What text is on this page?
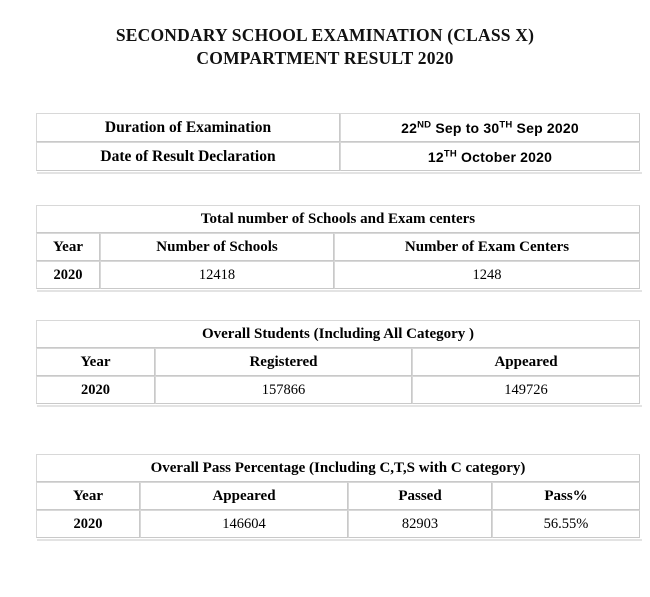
SECONDARY SCHOOL EXAMINATION (CLASS X)
COMPARTMENT RESULT 2020
Duration of Examination	22ND Sep to 30TH Sep 2020
Date of Result Declaration	12TH October 2020

Total number of Schools and Exam centers		
Year	Number of Schools	Number of Exam Centers
2020	12418	1248

Overall Students (Including All Category )		
Year	Registered	Appeared
2020	157866	149726

Overall Pass Percentage (Including C,T,S with C category)			
Year	Appeared	Passed	Pass%
2020	146604	82903	56.55%
